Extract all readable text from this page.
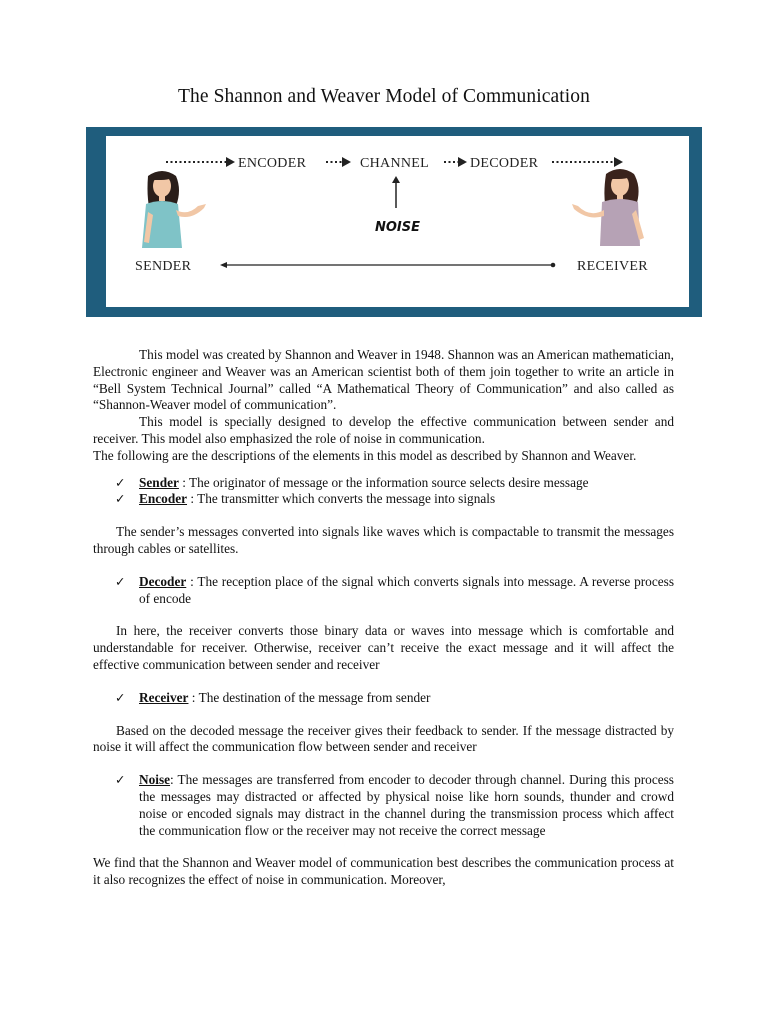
The Shannon and Weaver Model of Communication
ENCODER	CHANNEL	DECODER
NOISE
SENDER	RECEIVER

This model was created by Shannon and Weaver in 1948. Shannon was an American mathematician, Electronic engineer and Weaver was an American scientist both of them join together to write an article in “Bell System Technical Journal” called “A Mathematical Theory of Communication” and also called as “Shannon-Weaver model of communication”.

This model is specially designed to develop the effective communication between sender and receiver. This model also emphasized the role of noise in communication.

The following are the descriptions of the elements in this model as described by Shannon and Weaver.

✓ Sender : The originator of message or the information source selects desire message

✓ Encoder : The transmitter which converts the message into signals

The sender’s messages converted into signals like waves which is compactable to transmit the messages through cables or satellites.

✓ Decoder : The reception place of the signal which converts signals into message. A reverse process of encode

In here, the receiver converts those binary data or waves into message which is comfortable and understandable for receiver. Otherwise, receiver can’t receive the exact message and it will affect the effective communication between sender and receiver

✓ Receiver : The destination of the message from sender

Based on the decoded message the receiver gives their feedback to sender. If the message distracted by noise it will affect the communication flow between sender and receiver

✓ Noise: The messages are transferred from encoder to decoder through channel. During this process the messages may distracted or affected by physical noise like horn sounds, thunder and crowd noise or encoded signals may distract in the channel during the transmission process which affect the communication flow or the receiver may not receive the correct message

We find that the Shannon and Weaver model of communication best describes the communication process at it also recognizes the effect of noise in communication. Moreover,
